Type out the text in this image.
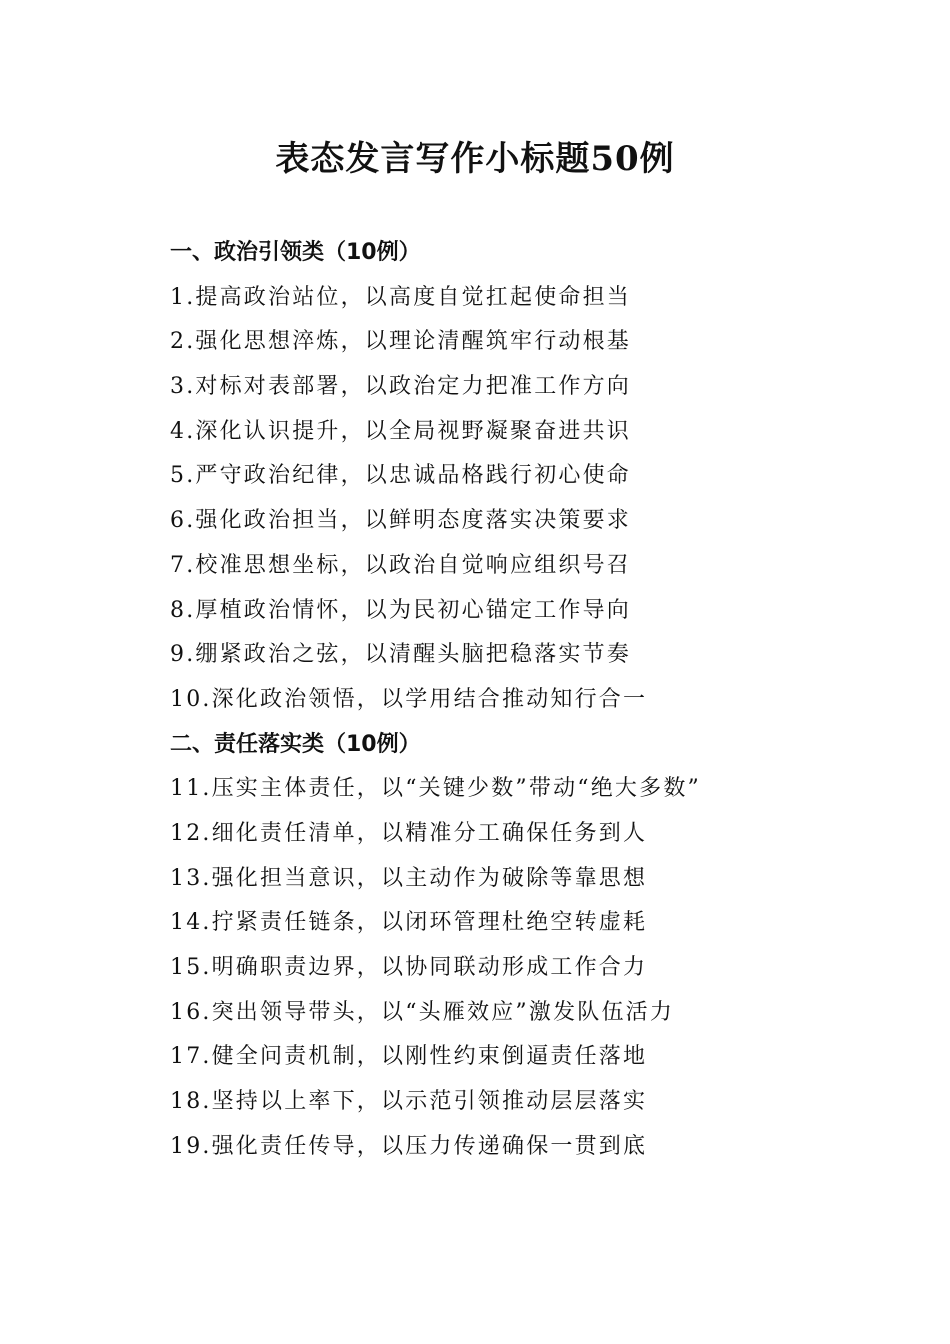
表态发言写作小标题50例
一、政治引领类（10例）
1.提高政治站位，以高度自觉扛起使命担当
2.强化思想淬炼，以理论清醒筑牢行动根基
3.对标对表部署，以政治定力把准工作方向
4.深化认识提升，以全局视野凝聚奋进共识
5.严守政治纪律，以忠诚品格践行初心使命
6.强化政治担当，以鲜明态度落实决策要求
7.校准思想坐标，以政治自觉响应组织号召
8.厚植政治情怀，以为民初心锚定工作导向
9.绷紧政治之弦，以清醒头脑把稳落实节奏
10.深化政治领悟，以学用结合推动知行合一
二、责任落实类（10例）
11.压实主体责任，以“关键少数”带动“绝大多数”
12.细化责任清单，以精准分工确保任务到人
13.强化担当意识，以主动作为破除等靠思想
14.拧紧责任链条，以闭环管理杜绝空转虚耗
15.明确职责边界，以协同联动形成工作合力
16.突出领导带头，以“头雁效应”激发队伍活力
17.健全问责机制，以刚性约束倒逼责任落地
18.坚持以上率下，以示范引领推动层层落实
19.强化责任传导，以压力传递确保一贯到底
